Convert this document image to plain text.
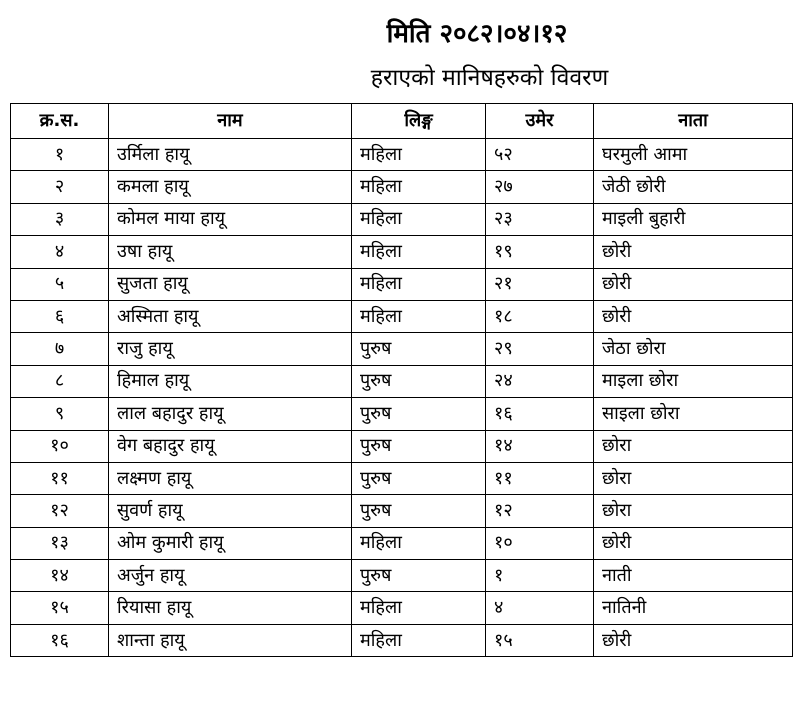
मिति २०८२।०४।१२
हराएको मानिषहरुको विवरण
क्र.स.	नाम	लिङ्ग	उमेर	नाता
१	उर्मिला हायू	महिला	५२	घरमुली आमा
२	कमला हायू	महिला	२७	जेठी छोरी
३	कोमल माया हायू	महिला	२३	माइली बुहारी
४	उषा हायू	महिला	१९	छोरी
५	सुजता हायू	महिला	२१	छोरी
६	अस्मिता हायू	महिला	१८	छोरी
७	राजु हायू	पुरुष	२९	जेठा छोरा
८	हिमाल हायू	पुरुष	२४	माइला छोरा
९	लाल बहादुर हायू	पुरुष	१६	साइला छोरा
१०	वेग बहादुर हायू	पुरुष	१४	छोरा
११	लक्ष्मण हायू	पुरुष	११	छोरा
१२	सुवर्ण हायू	पुरुष	१२	छोरा
१३	ओम कुमारी हायू	महिला	१०	छोरी
१४	अर्जुन हायू	पुरुष	१	नाती
१५	रियासा हायू	महिला	४	नातिनी
१६	शान्ता हायू	महिला	१५	छोरी
